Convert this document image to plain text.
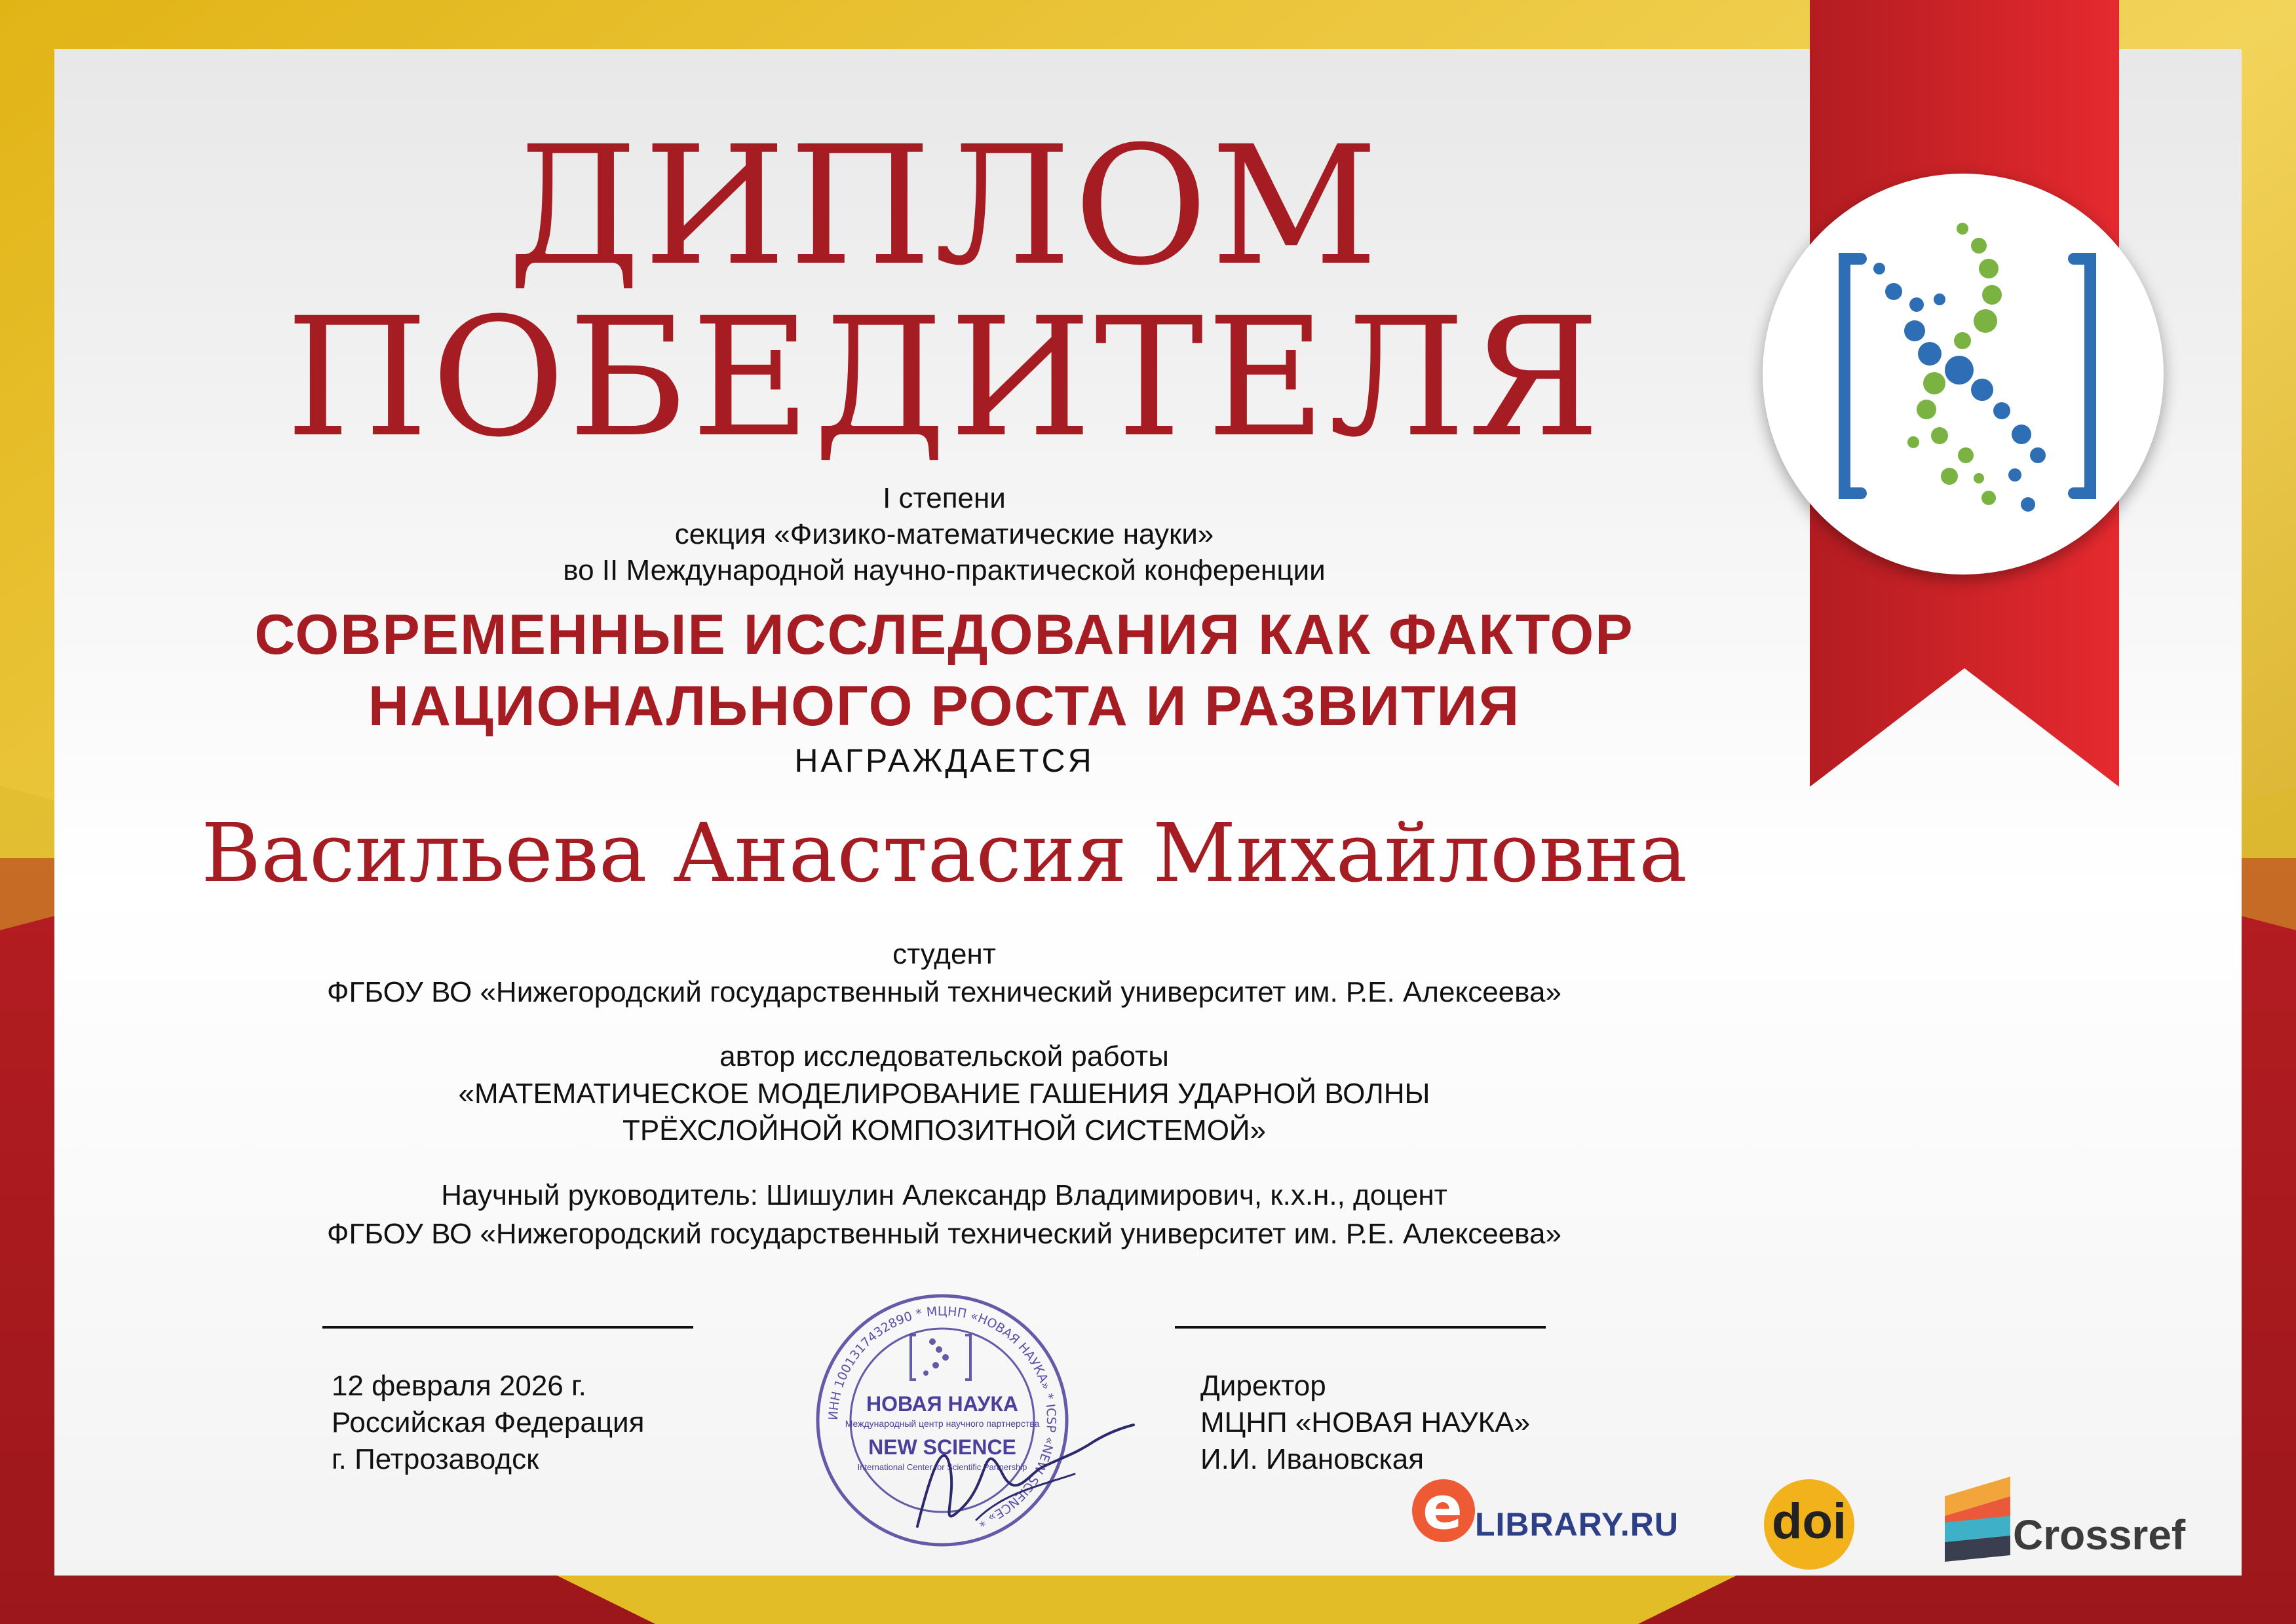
ДИПЛОМ
ПОБЕДИТЕЛЯ
I степени
секция «Физико-математические науки»
во II Международной научно-практической конференции
СОВРЕМЕННЫЕ ИССЛЕДОВАНИЯ КАК ФАКТОР
НАЦИОНАЛЬНОГО РОСТА И РАЗВИТИЯ
НАГРАЖДАЕТСЯ
Васильева Анастасия Михайловна
студент
ФГБОУ ВО «Нижегородский государственный технический университет им. Р.Е. Алексеева»
автор исследовательской работы
«МАТЕМАТИЧЕСКОЕ МОДЕЛИРОВАНИЕ ГАШЕНИЯ УДАРНОЙ ВОЛНЫ
ТРЁХСЛОЙНОЙ КОМПОЗИТНОЙ СИСТЕМОЙ»
Научный руководитель: Шишулин Александр Владимирович, к.х.н., доцент
ФГБОУ ВО «Нижегородский государственный технический университет им. Р.Е. Алексеева»
12 февраля 2026 г.
Российская Федерация
г. Петрозаводск
Директор
МЦНП «НОВАЯ НАУКА»
И.И. Ивановская
ИНН 1001317432890 * МЦНП «НОВАЯ НАУКА» * ICSP «NEW SCIENCE» *
НОВАЯ НАУКА
Международный центр научного партнерства
NEW SCIENCE
International Center for Scientific Partnership
e LIBRARY.RU doi	Crossref
